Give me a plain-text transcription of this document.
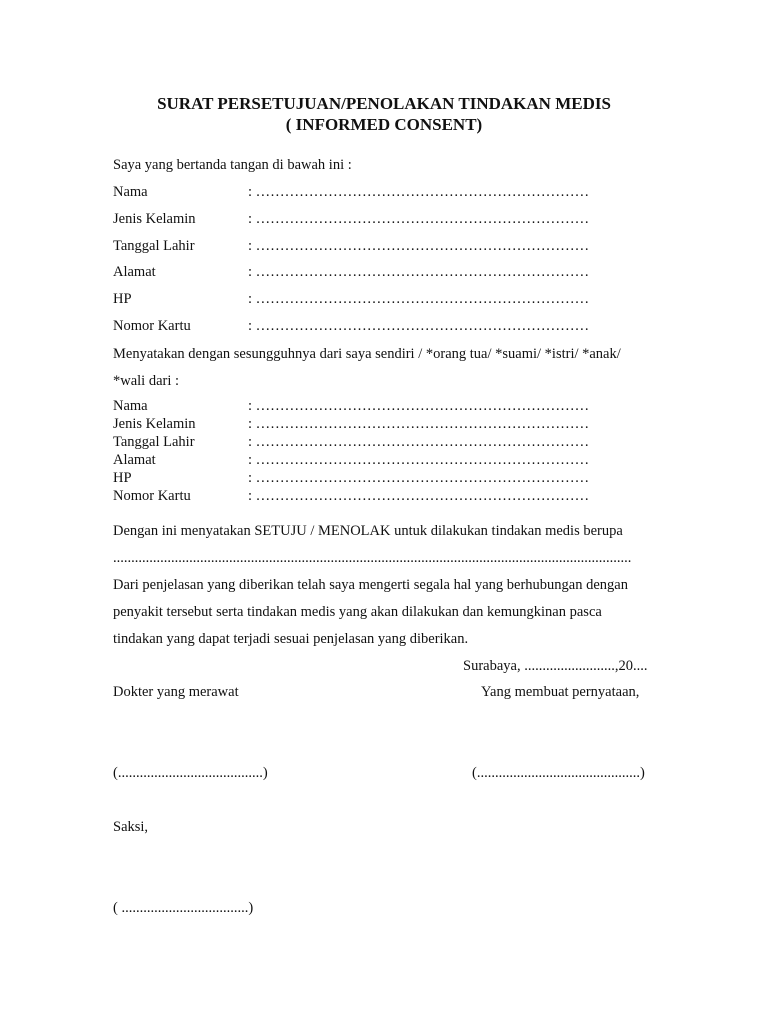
SURAT PERSETUJUAN/PENOLAKAN TINDAKAN MEDIS
( INFORMED CONSENT)
Saya yang bertanda tangan di bawah ini :
Nama	: ……………………………………………………………
Jenis Kelamin	: ……………………………………………………………
Tanggal Lahir	: ……………………………………………………………
Alamat	: ……………………………………………………………
HP	: ……………………………………………………………
Nomor Kartu	: ……………………………………………………………
Menyatakan dengan sesungguhnya dari saya sendiri / *orang tua/ *suami/ *istri/ *anak/
*wali dari :
Nama	: ……………………………………………………………
Jenis Kelamin	: ……………………………………………………………
Tanggal Lahir	: ……………………………………………………………
Alamat	: ……………………………………………………………
HP	: ……………………………………………………………
Nomor Kartu	: ……………………………………………………………
Dengan ini menyatakan SETUJU / MENOLAK untuk dilakukan tindakan medis berupa
...............................................................................................................................................
Dari penjelasan yang diberikan telah saya mengerti segala hal yang berhubungan dengan
penyakit tersebut serta tindakan medis yang akan dilakukan dan kemungkinan pasca
tindakan yang dapat terjadi sesuai penjelasan yang diberikan.
Surabaya, .........................,20....
Dokter yang merawat	Yang membuat pernyataan,
(........................................)	(.............................................)
Saksi,
( ...................................)
